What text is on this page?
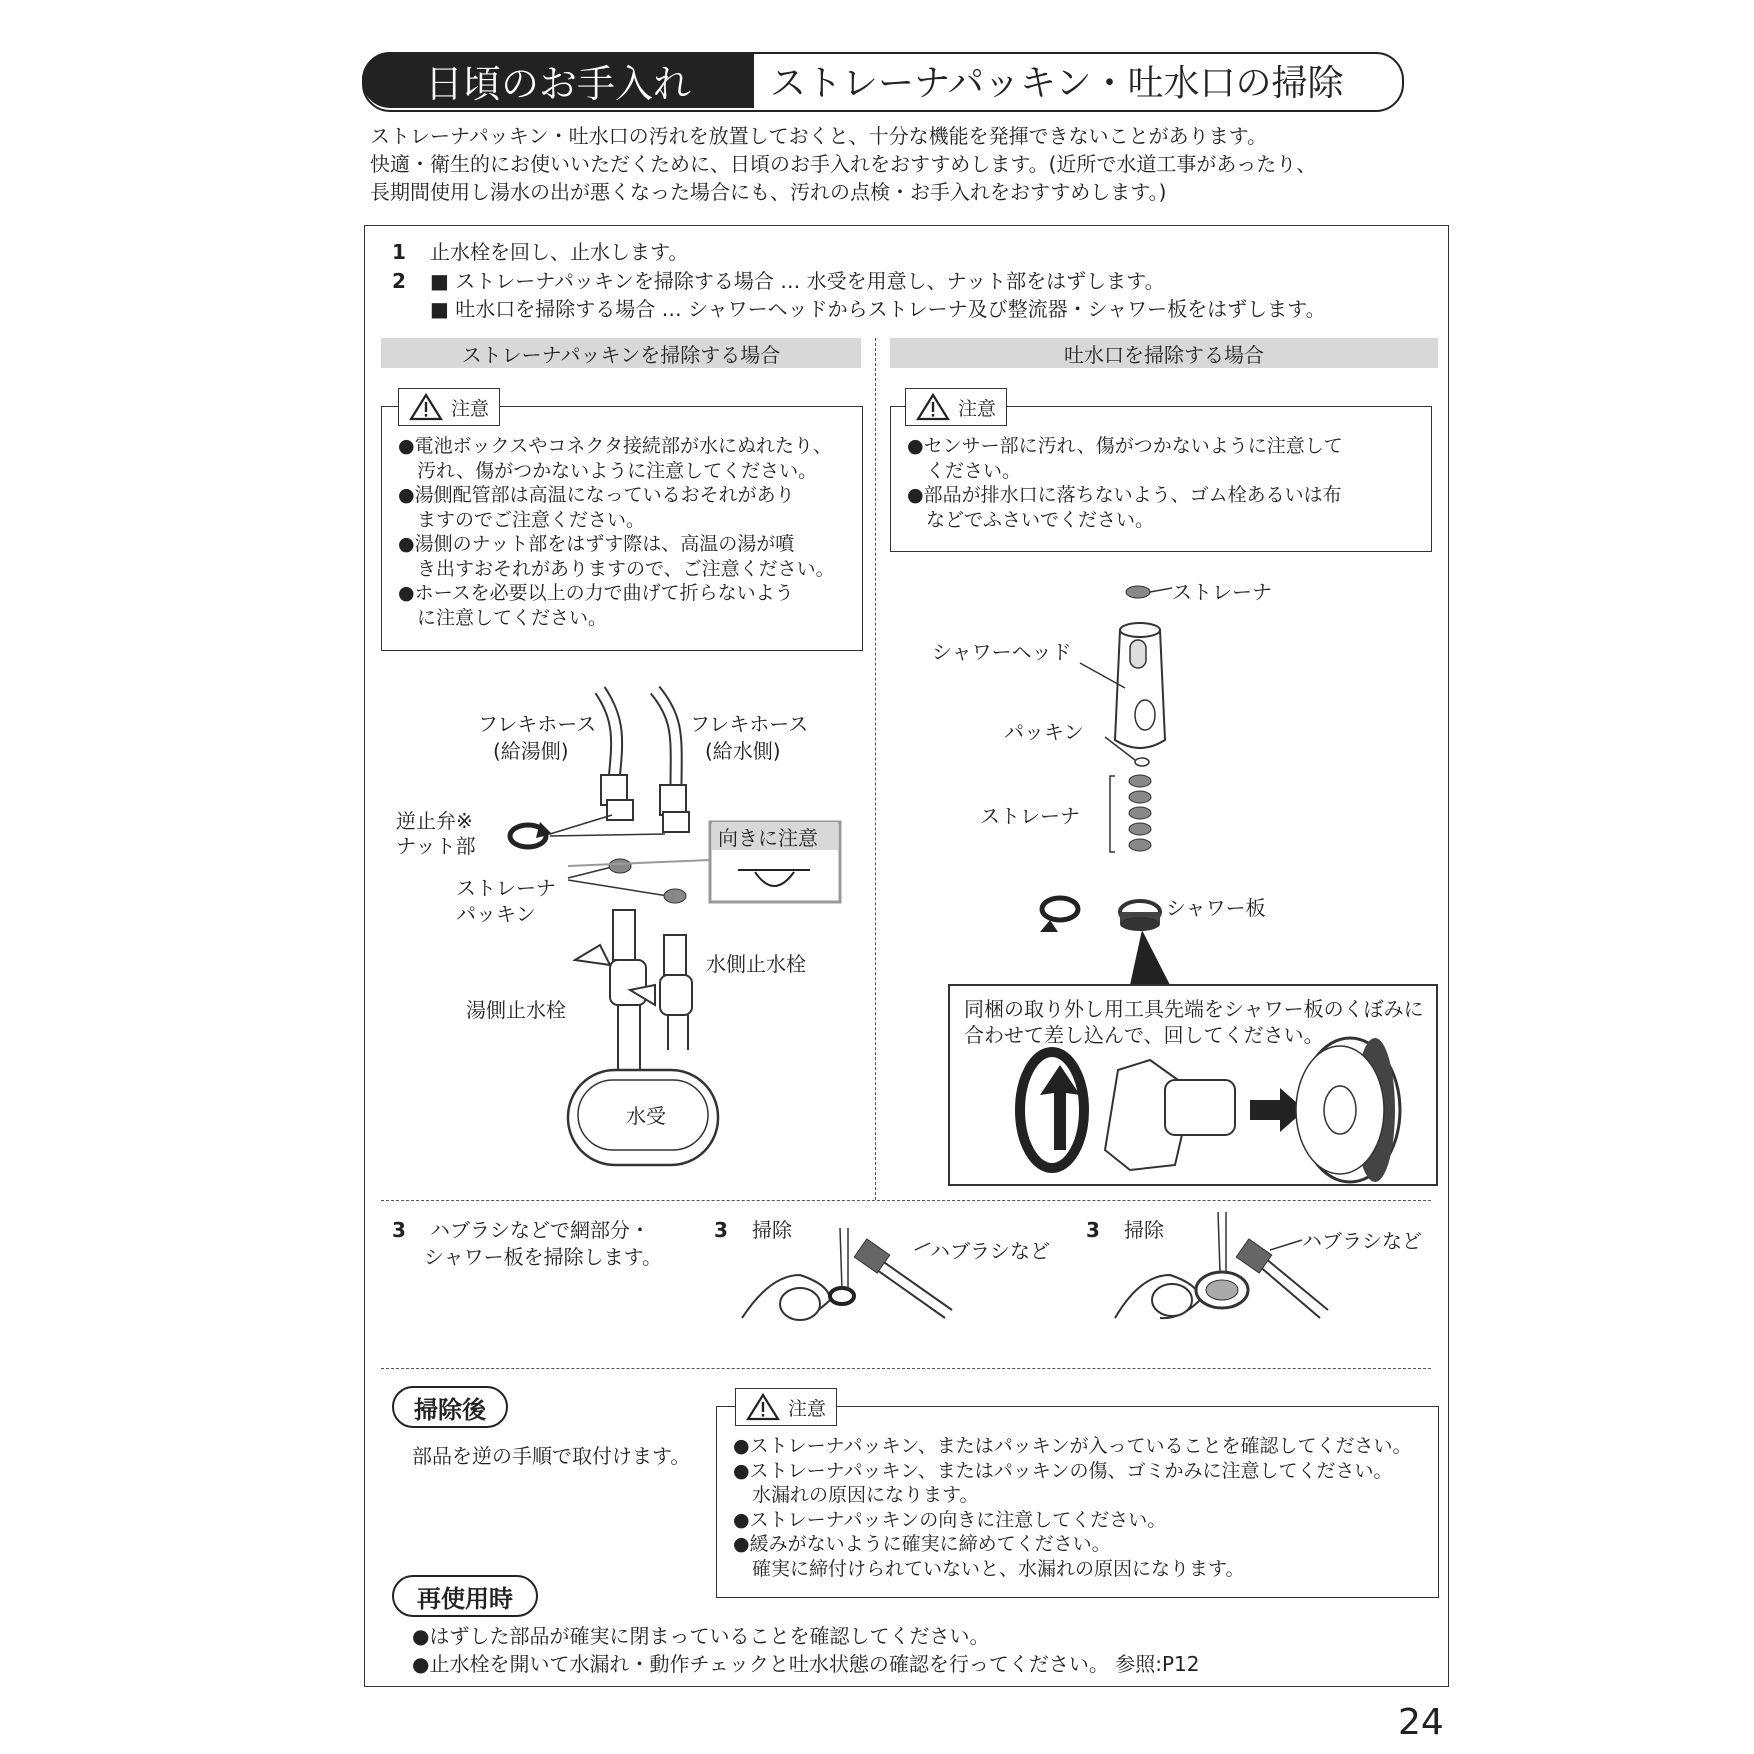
日頃のお手入れ	ストレーナパッキン・吐水口の掃除
ストレーナパッキン・吐水口の汚れを放置しておくと、十分な機能を発揮できないことがあります。
快適・衛生的にお使いいただくために、日頃のお手入れをおすすめします。(近所で水道工事があったり、
長期間使用し湯水の出が悪くなった場合にも、汚れの点検・お手入れをおすすめします。)
1 止水栓を回し、止水します。
2 ■ ストレーナパッキンを掃除する場合 … 水受を用意し、ナット部をはずします。
■ 吐水口を掃除する場合 … シャワーヘッドからストレーナ及び整流器・シャワー板をはずします。
ストレーナパッキンを掃除する場合	吐水口を掃除する場合
注意
●電池ボックスやコネクタ接続部が水にぬれたり、
　汚れ、傷がつかないように注意してください。
●湯側配管部は高温になっているおそれがあり
　ますのでご注意ください。
●湯側のナット部をはずす際は、高温の湯が噴
　き出すおそれがありますので、ご注意ください。
●ホースを必要以上の力で曲げて折らないよう
　に注意してください。
注意
●センサー部に汚れ、傷がつかないように注意して
　ください。
●部品が排水口に落ちないよう、ゴム栓あるいは布
　などでふさいでください。
フレキホース
(給湯側)
フレキホース
(給水側)
逆止弁※
ナット部	向きに注意
ストレーナ
パッキン
水側止水栓
湯側止水栓
水受
ストレーナ
シャワーヘッド
パッキン
ストレーナ
シャワー板
同梱の取り外し用工具先端をシャワー板のくぼみに
合わせて差し込んで、回してください。
3 ハブラシなどで網部分・
シャワー板を掃除します。
3 掃除
ハブラシなど
3 掃除	ハブラシなど
掃除後
部品を逆の手順で取付けます。
注意
●ストレーナパッキン、またはパッキンが入っていることを確認してください。
●ストレーナパッキン、またはパッキンの傷、ゴミかみに注意してください。
　水漏れの原因になります。
●ストレーナパッキンの向きに注意してください。
●緩みがないように確実に締めてください。
　確実に締付けられていないと、水漏れの原因になります。
再使用時
●はずした部品が確実に閉まっていることを確認してください。
●止水栓を開いて水漏れ・動作チェックと吐水状態の確認を行ってください。 参照:P12
24
